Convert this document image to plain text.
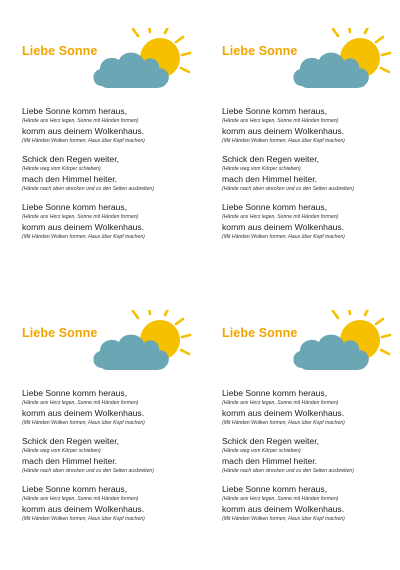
Liebe Sonne
Liebe Sonne komm heraus,
(Hände ans Herz legen, Sonne mit Händen formen)
komm aus deinem Wolkenhaus.
(Mit Händen Wolken formen, Haus über Kopf machen)
Schick den Regen weiter,
(Hände weg vom Körper schieben)
mach den Himmel heiter.
(Hände nach oben strecken und zu den Seiten ausbreiten)
Liebe Sonne komm heraus,
(Hände ans Herz legen, Sonne mit Händen formen)
komm aus deinem Wolkenhaus.
(Mit Händen Wolken formen, Haus über Kopf machen)
Liebe Sonne
Liebe Sonne komm heraus,
(Hände ans Herz legen, Sonne mit Händen formen)
komm aus deinem Wolkenhaus.
(Mit Händen Wolken formen, Haus über Kopf machen)
Schick den Regen weiter,
(Hände weg vom Körper schieben)
mach den Himmel heiter.
(Hände nach oben strecken und zu den Seiten ausbreiten)
Liebe Sonne komm heraus,
(Hände ans Herz legen, Sonne mit Händen formen)
komm aus deinem Wolkenhaus.
(Mit Händen Wolken formen, Haus über Kopf machen)
Liebe Sonne
Liebe Sonne komm heraus,
(Hände ans Herz legen, Sonne mit Händen formen)
komm aus deinem Wolkenhaus.
(Mit Händen Wolken formen, Haus über Kopf machen)
Schick den Regen weiter,
(Hände weg vom Körper schieben)
mach den Himmel heiter.
(Hände nach oben strecken und zu den Seiten ausbreiten)
Liebe Sonne komm heraus,
(Hände ans Herz legen, Sonne mit Händen formen)
komm aus deinem Wolkenhaus.
(Mit Händen Wolken formen, Haus über Kopf machen)
Liebe Sonne
Liebe Sonne komm heraus,
(Hände ans Herz legen, Sonne mit Händen formen)
komm aus deinem Wolkenhaus.
(Mit Händen Wolken formen, Haus über Kopf machen)
Schick den Regen weiter,
(Hände weg vom Körper schieben)
mach den Himmel heiter.
(Hände nach oben strecken und zu den Seiten ausbreiten)
Liebe Sonne komm heraus,
(Hände ans Herz legen, Sonne mit Händen formen)
komm aus deinem Wolkenhaus.
(Mit Händen Wolken formen, Haus über Kopf machen)
